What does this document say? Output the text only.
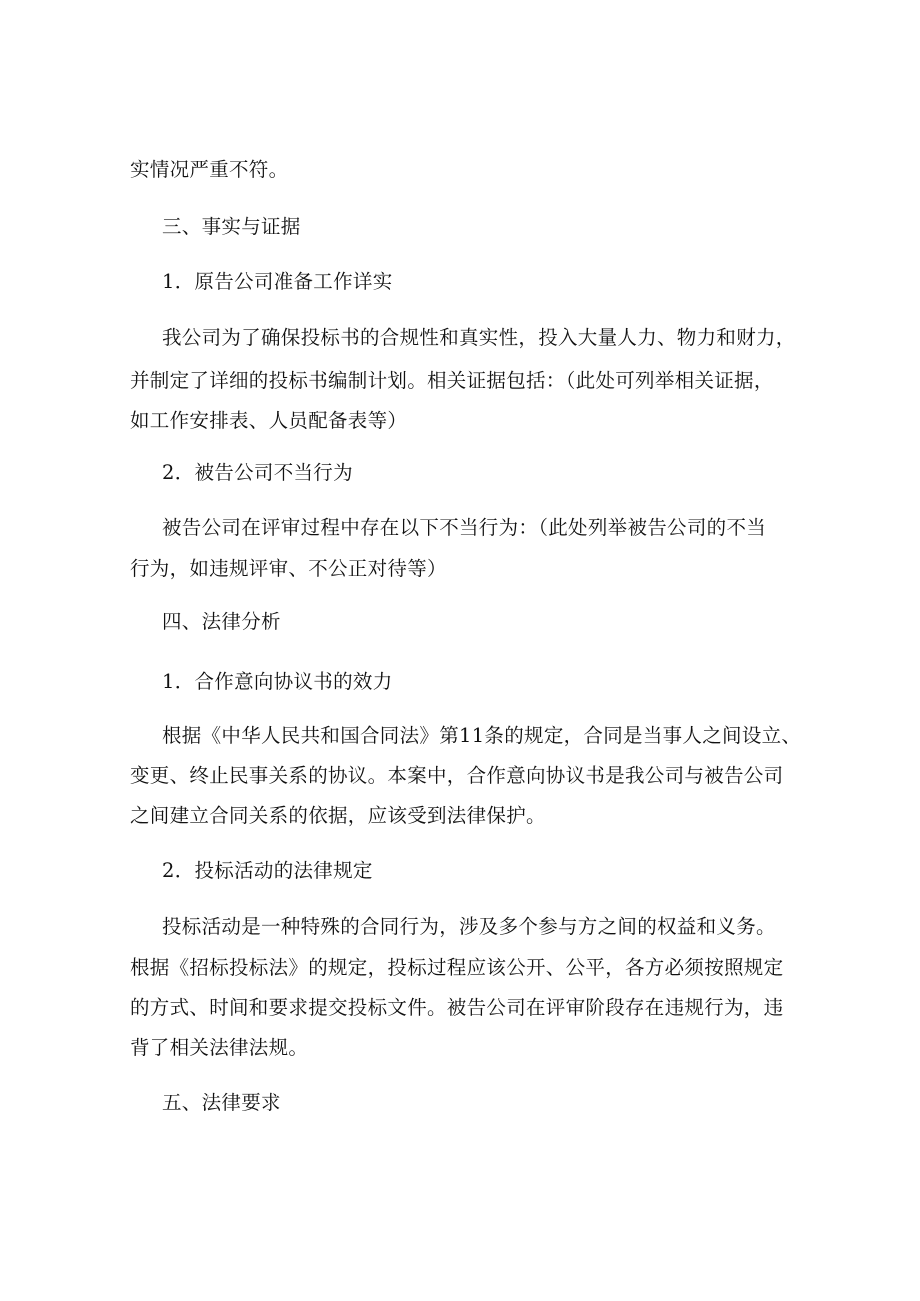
实情况严重不符。
三、事实与证据
1．原告公司准备工作详实
我公司为了确保投标书的合规性和真实性，投入大量人力、物力和财力，
并制定了详细的投标书编制计划。相关证据包括：（此处可列举相关证据，
如工作安排表、人员配备表等）
2．被告公司不当行为
被告公司在评审过程中存在以下不当行为：（此处列举被告公司的不当
行为，如违规评审、不公正对待等）
四、法律分析
1．合作意向协议书的效力
根据《中华人民共和国合同法》第11条的规定，合同是当事人之间设立、
变更、终止民事关系的协议。本案中，合作意向协议书是我公司与被告公司
之间建立合同关系的依据，应该受到法律保护。
2．投标活动的法律规定
投标活动是一种特殊的合同行为，涉及多个参与方之间的权益和义务。
根据《招标投标法》的规定，投标过程应该公开、公平，各方必须按照规定
的方式、时间和要求提交投标文件。被告公司在评审阶段存在违规行为，违
背了相关法律法规。
五、法律要求
